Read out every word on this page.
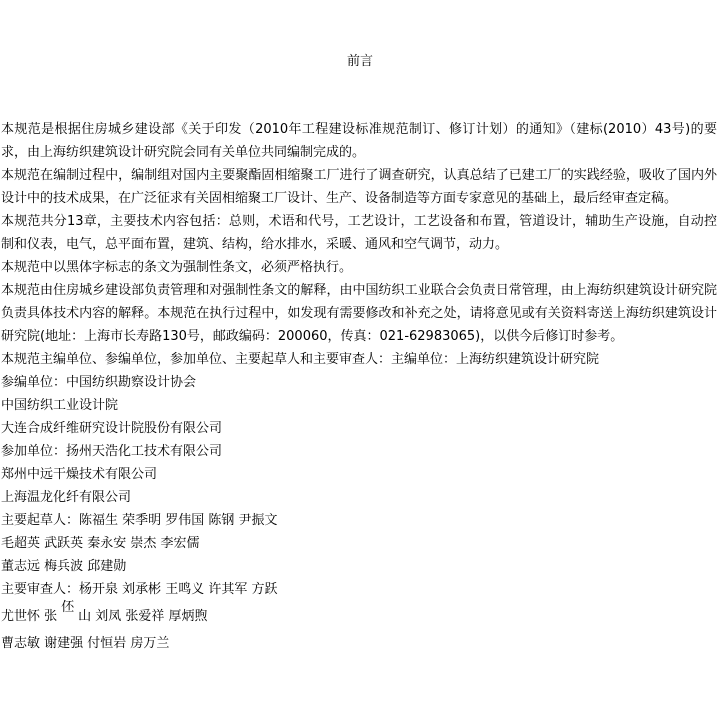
前言

本规范是根据住房城乡建设部《关于印发（2010年工程建设标准规范制订、修订计划）的通知》（建标(2010）43号)的要求，由上海纺织建筑设计研究院会同有关单位共同编制完成的。

本规范在编制过程中，编制组对国内主要聚酯固相缩聚工厂进行了调查研究，认真总结了已建工厂的实践经验，吸收了国内外设计中的技术成果，在广泛征求有关固相缩聚工厂设计、生产、设备制造等方面专家意见的基础上，最后经审查定稿。

本规范共分13章，主要技术内容包括：总则，术语和代号，工艺设计，工艺设备和布置，管道设计，辅助生产设施，自动控制和仪表，电气，总平面布置，建筑、结构，给水排水，采暖、通风和空气调节，动力。

本规范中以黑体字标志的条文为强制性条文，必须严格执行。

本规范由住房城乡建设部负责管理和对强制性条文的解释，由中国纺织工业联合会负责日常管理，由上海纺织建筑设计研究院负责具体技术内容的解释。本规范在执行过程中，如发现有需要修改和补充之处，请将意见或有关资料寄送上海纺织建筑设计研究院(地址：上海市长寿路130号，邮政编码：200060，传真：021-62983065)，以供今后修订时参考。

本规范主编单位、参编单位，参加单位、主要起草人和主要审查人：主编单位：上海纺织建筑设计研究院

参编单位：中国纺织勘察设计协会

中国纺织工业设计院

大连合成纤维研究设计院股份有限公司

参加单位：扬州天浩化工技术有限公司

郑州中远干燥技术有限公司

上海温龙化纤有限公司

主要起草人：陈福生 荣季明 罗伟国 陈钢 尹振文

毛超英 武跃英 秦永安 崇杰 李宏儒

董志远 梅兵波 邱建勋

主要审查人：杨开泉 刘承彬 王鸣义 许其军 方跃

尤世怀 张伾山 刘凤 张爱祥 厚炳煦

曹志敏 谢建强 付恒岩 房万兰
